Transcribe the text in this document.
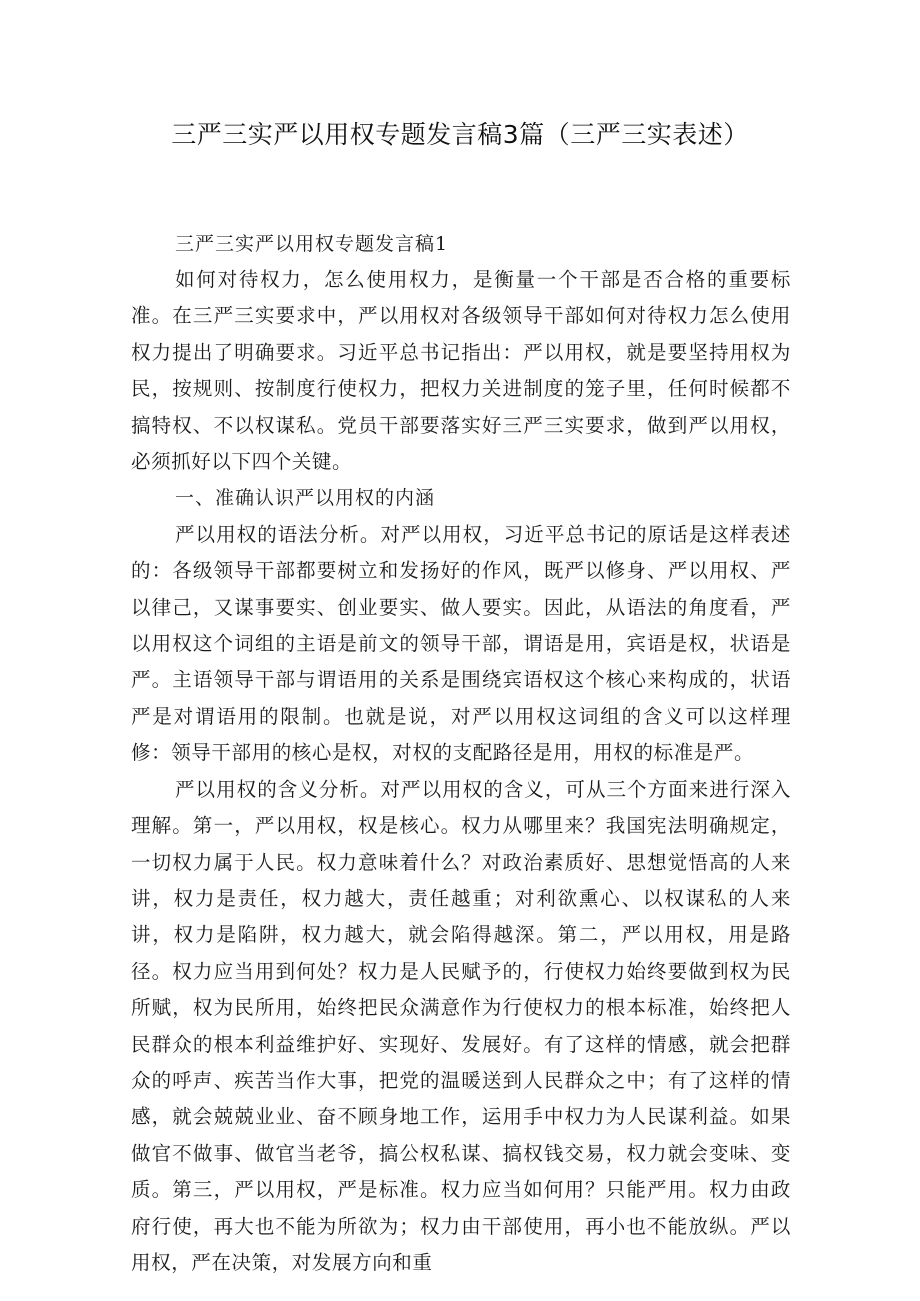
三严三实严以用权专题发言稿3篇（三严三实表述）

三严三实严以用权专题发言稿1

如何对待权力，怎么使用权力，是衡量一个干部是否合格的重要标准。在三严三实要求中，严以用权对各级领导干部如何对待权力怎么使用权力提出了明确要求。习近平总书记指出：严以用权，就是要坚持用权为民，按规则、按制度行使权力，把权力关进制度的笼子里，任何时候都不搞特权、不以权谋私。党员干部要落实好三严三实要求，做到严以用权，必须抓好以下四个关键。

一、准确认识严以用权的内涵

严以用权的语法分析。对严以用权，习近平总书记的原话是这样表述的：各级领导干部都要树立和发扬好的作风，既严以修身、严以用权、严以律己，又谋事要实、创业要实、做人要实。因此，从语法的角度看，严以用权这个词组的主语是前文的领导干部，谓语是用，宾语是权，状语是严。主语领导干部与谓语用的关系是围绕宾语权这个核心来构成的，状语严是对谓语用的限制。也就是说，对严以用权这词组的含义可以这样理修：领导干部用的核心是权，对权的支配路径是用，用权的标准是严。

严以用权的含义分析。对严以用权的含义，可从三个方面来进行深入理解。第一，严以用权，权是核心。权力从哪里来？我国宪法明确规定，一切权力属于人民。权力意味着什么？对政治素质好、思想觉悟高的人来讲，权力是责任，权力越大，责任越重；对利欲熏心、以权谋私的人来讲，权力是陷阱，权力越大，就会陷得越深。第二，严以用权，用是路径。权力应当用到何处？权力是人民赋予的，行使权力始终要做到权为民所赋，权为民所用，始终把民众满意作为行使权力的根本标准，始终把人民群众的根本利益维护好、实现好、发展好。有了这样的情感，就会把群众的呼声、疾苦当作大事，把党的温暖送到人民群众之中；有了这样的情感，就会兢兢业业、奋不顾身地工作，运用手中权力为人民谋利益。如果做官不做事、做官当老爷，搞公权私谋、搞权钱交易，权力就会变味、变质。第三，严以用权，严是标准。权力应当如何用？只能严用。权力由政府行使，再大也不能为所欲为；权力由干部使用，再小也不能放纵。严以用权，严在决策，对发展方向和重
